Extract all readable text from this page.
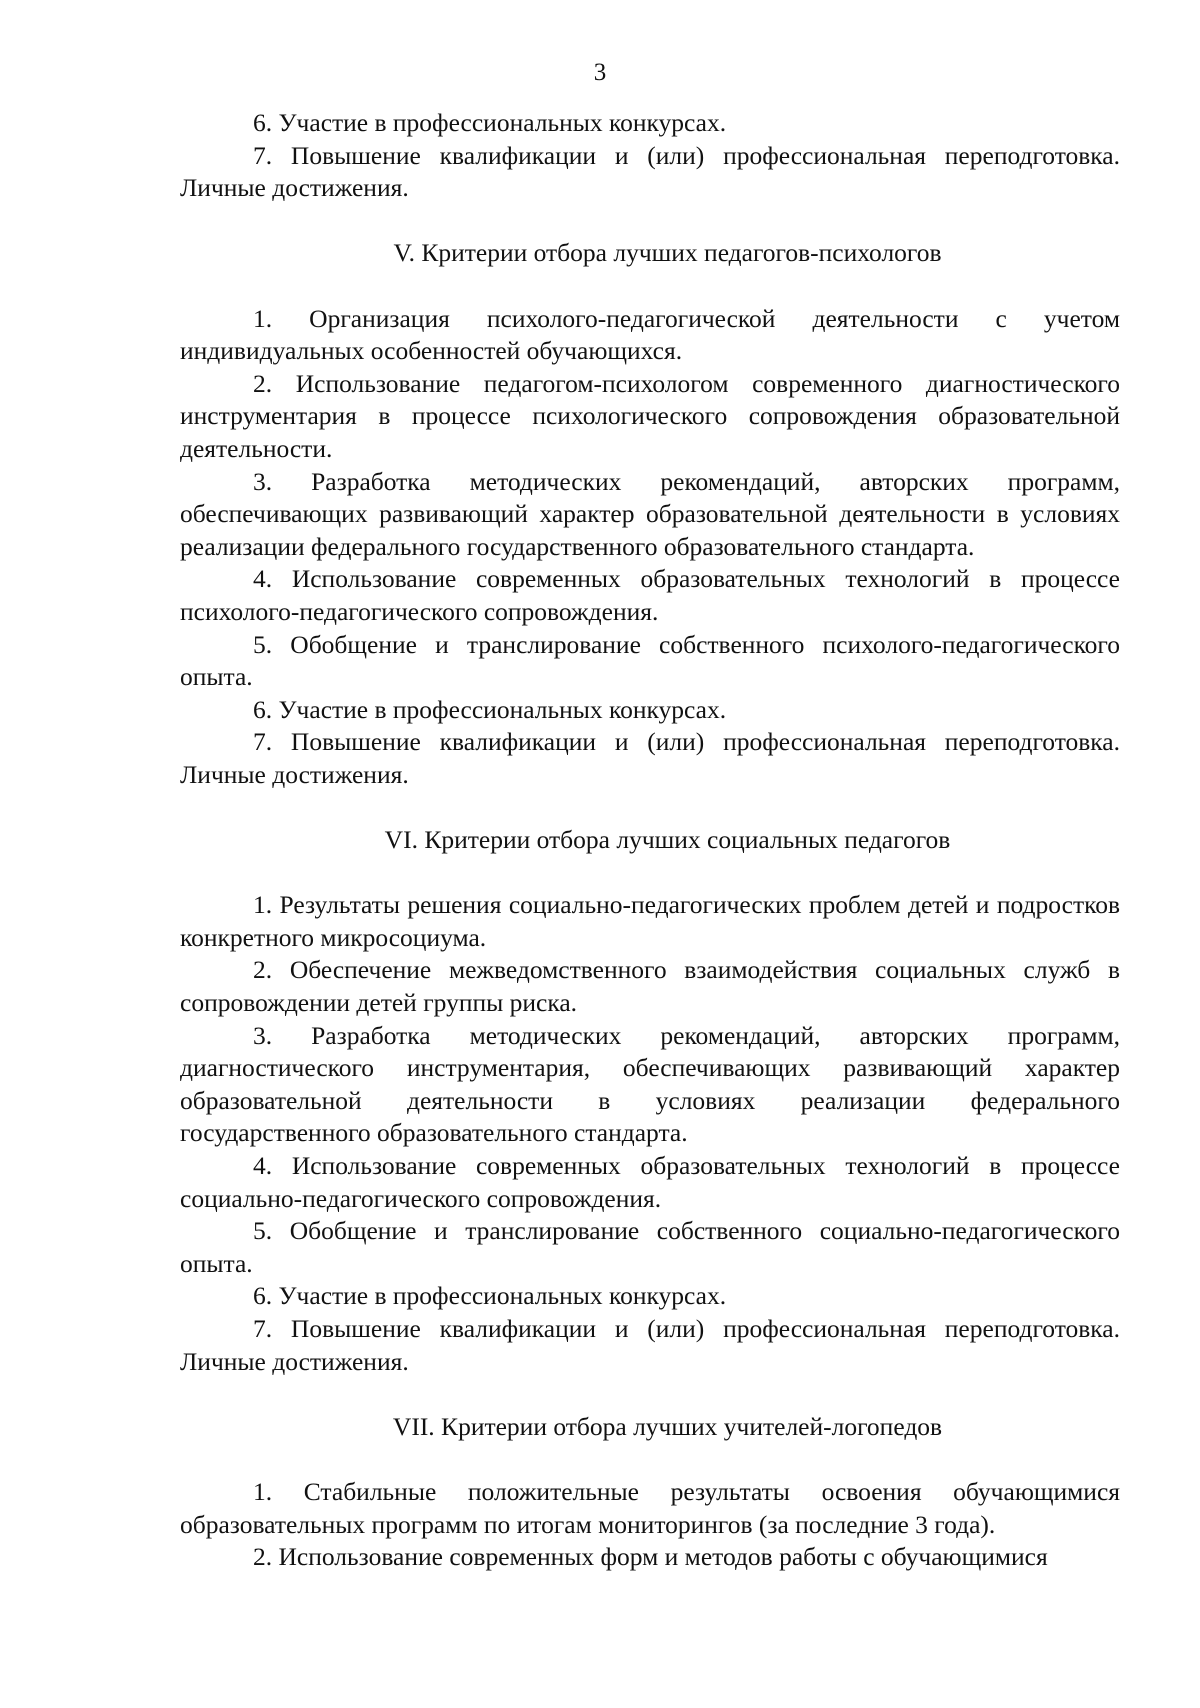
3

6. Участие в профессиональных конкурсах.

7. Повышение квалификации и (или) профессиональная переподготовка. Личные достижения.

V. Критерии отбора лучших педагогов-психологов

1. Организация психолого-педагогической деятельности с учетом индивидуальных особенностей обучающихся.

2. Использование педагогом-психологом современного диагностического инструментария в процессе психологического сопровождения образовательной деятельности.

3. Разработка методических рекомендаций, авторских программ, обеспечивающих развивающий характер образовательной деятельности в условиях реализации федерального государственного образовательного стандарта.

4. Использование современных образовательных технологий в процессе психолого-педагогического сопровождения.

5. Обобщение и транслирование собственного психолого-педагогического опыта.

6. Участие в профессиональных конкурсах.

7. Повышение квалификации и (или) профессиональная переподготовка. Личные достижения.

VI. Критерии отбора лучших социальных педагогов

1. Результаты решения социально-педагогических проблем детей и подростков конкретного микросоциума.

2. Обеспечение межведомственного взаимодействия социальных служб в сопровождении детей группы риска.

3. Разработка методических рекомендаций, авторских программ, диагностического инструментария, обеспечивающих развивающий характер образовательной деятельности в условиях реализации федерального государственного образовательного стандарта.

4. Использование современных образовательных технологий в процессе социально-педагогического сопровождения.

5. Обобщение и транслирование собственного социально-педагогического опыта.

6. Участие в профессиональных конкурсах.

7. Повышение квалификации и (или) профессиональная переподготовка. Личные достижения.

VII. Критерии отбора лучших учителей-логопедов

1. Стабильные положительные результаты освоения обучающимися образовательных программ по итогам мониторингов (за последние 3 года).

2. Использование современных форм и методов работы с обучающимися
